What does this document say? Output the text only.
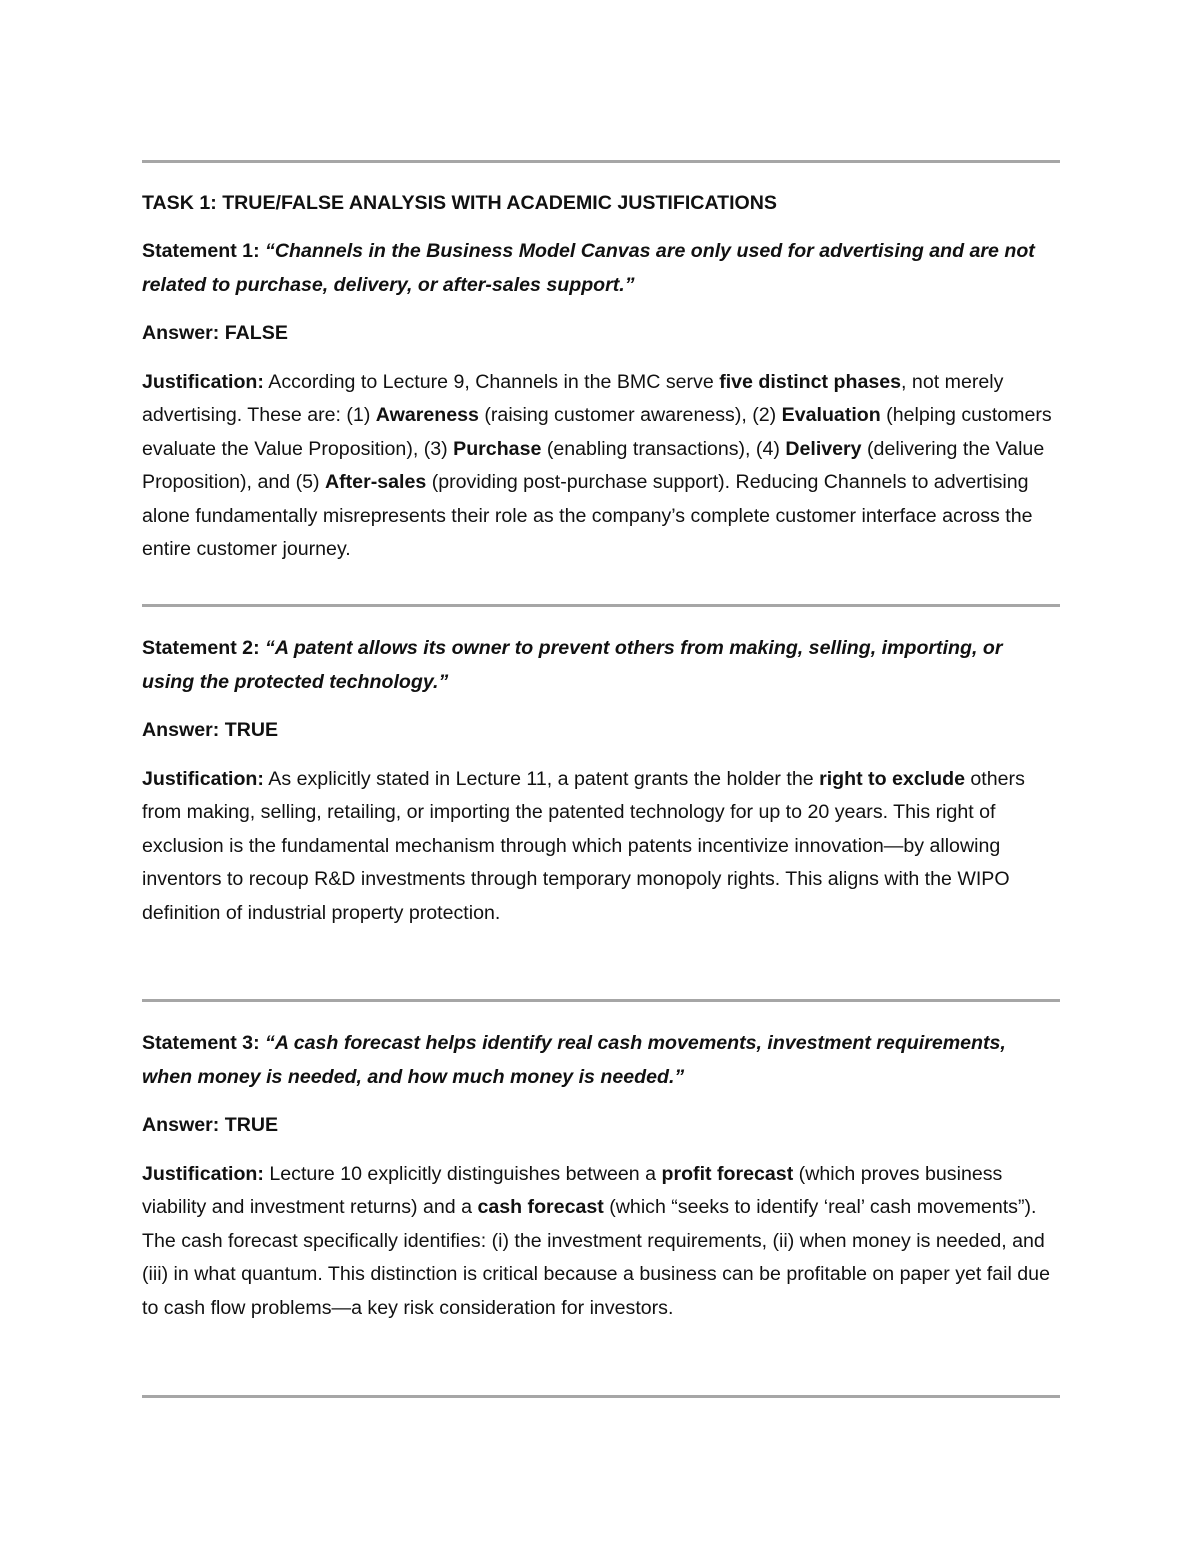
TASK 1: TRUE/FALSE ANALYSIS WITH ACADEMIC JUSTIFICATIONS

Statement 1: “Channels in the Business Model Canvas are only used for advertising and are not related to purchase, delivery, or after-sales support.”

Answer: FALSE

Justification: According to Lecture 9, Channels in the BMC serve five distinct phases, not merely advertising. These are: (1) Awareness (raising customer awareness), (2) Evaluation (helping customers evaluate the Value Proposition), (3) Purchase (enabling transactions), (4) Delivery (delivering the Value Proposition), and (5) After-sales (providing post-purchase support). Reducing Channels to advertising alone fundamentally misrepresents their role as the company’s complete customer interface across the entire customer journey.

Statement 2: “A patent allows its owner to prevent others from making, selling, importing, or using the protected technology.”

Answer: TRUE

Justification: As explicitly stated in Lecture 11, a patent grants the holder the right to exclude others from making, selling, retailing, or importing the patented technology for up to 20 years. This right of exclusion is the fundamental mechanism through which patents incentivize innovation—by allowing inventors to recoup R&D investments through temporary monopoly rights. This aligns with the WIPO definition of industrial property protection.

Statement 3: “A cash forecast helps identify real cash movements, investment requirements, when money is needed, and how much money is needed.”

Answer: TRUE

Justification: Lecture 10 explicitly distinguishes between a profit forecast (which proves business viability and investment returns) and a cash forecast (which “seeks to identify ‘real’ cash movements”). The cash forecast specifically identifies: (i) the investment requirements, (ii) when money is needed, and (iii) in what quantum. This distinction is critical because a business can be profitable on paper yet fail due to cash flow problems—a key risk consideration for investors.
